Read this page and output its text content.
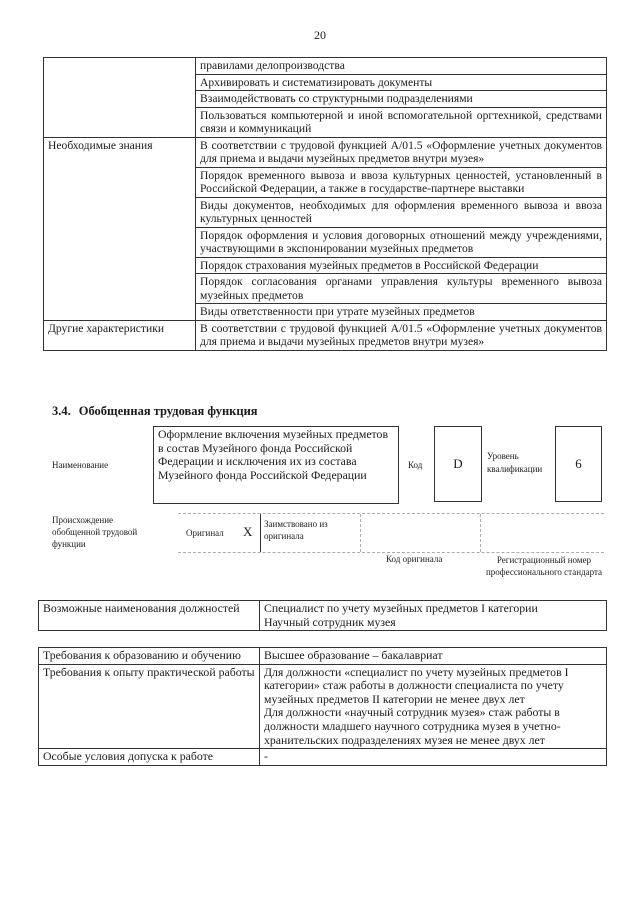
20
	правилами делопроизводства
	Архивировать и систематизировать документы
	Взаимодействовать со структурными подразделениями
	Пользоваться компьютерной и иной вспомогательной оргтехникой, средствами связи и коммуникаций
Необходимые знания	В соответствии с трудовой функцией А/01.5 «Оформление учетных документов для приема и выдачи музейных предметов внутри музея»
	Порядок временного вывоза и ввоза культурных ценностей, установленный в Российской Федерации, а также в государстве-партнере выставки
	Виды документов, необходимых для оформления временного вывоза и ввоза культурных ценностей
	Порядок оформления и условия договорных отношений между учреждениями, участвующими в экспонировании музейных предметов
	Порядок страхования музейных предметов в Российской Федерации
	Порядок согласования органами управления культуры временного вывоза музейных предметов
	Виды ответственности при утрате музейных предметов
Другие характеристики	В соответствии с трудовой функцией А/01.5 «Оформление учетных документов для приема и выдачи музейных предметов внутри музея»
3.4. Обобщенная трудовая функция
Наименование
Оформление включения музейных предметов в состав Музейного фонда Российской Федерации и исключения их из состава Музейного фонда Российской Федерации
Код	D	Уровень
квалификации	6
Происхождение обобщенной трудовой функции
Оригинал X Заимствовано из
оригинала
Код оригинала	Регистрационный номер профессионального стандарта
Возможные наименования должностей	Специалист по учету музейных предметов I категории
Научный сотрудник музея
Требования к образованию и обучению	Высшее образование – бакалавриат
Требования к опыту практической работы	Для должности «специалист по учету музейных предметов I категории» стаж работы в должности специалиста по учету музейных предметов II категории не менее двух лет
Для должности «научный сотрудник музея» стаж работы в должности младшего научного сотрудника музея в учетно-хранительских подразделениях музея не менее двух лет

Особые условия допуска к работе	-
